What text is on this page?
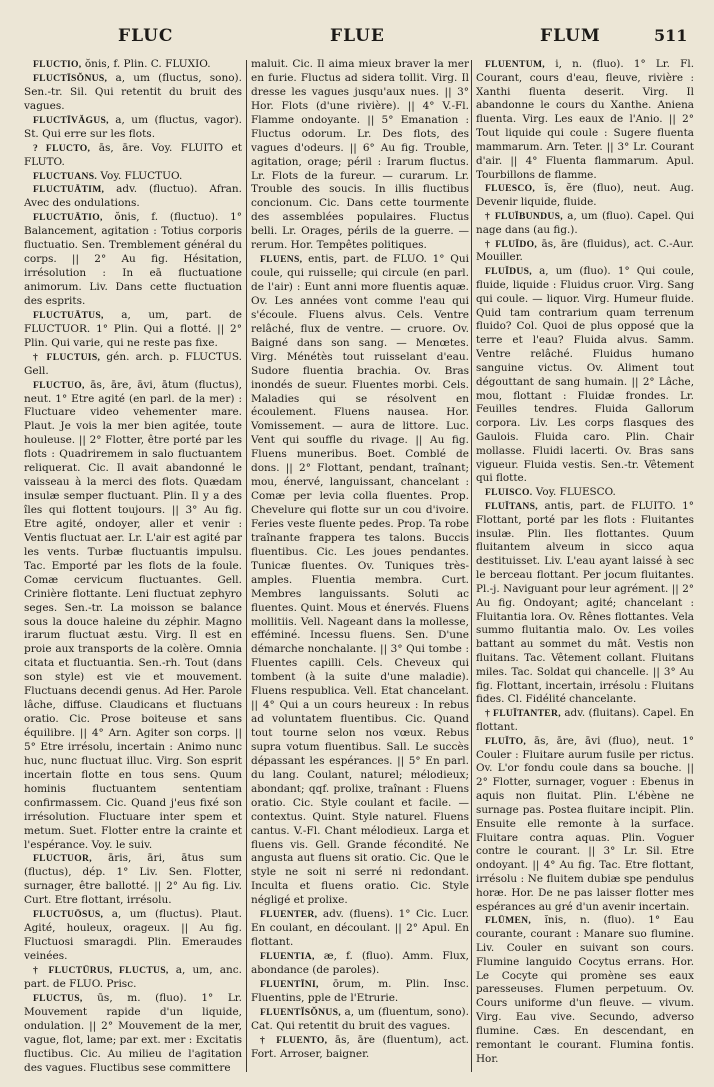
FLUC	FLUE	FLUM	511

FLUCTIO, ŏnis, f. Plin. C. FLUXIO.

FLUCTĪSŎNUS, a, um (fluctus, sono). Sen.-tr. Sil. Qui retentit du bruit des vagues.

FLUCTĪVĂGUS, a, um (fluctus, vagor). St. Qui erre sur les flots.

? FLUCTO, ās, āre. Voy. FLUITO et FLUTO.

FLUCTUANS. Voy. FLUCTUO.

FLUCTUĀTIM, adv. (fluctuo). Afran. Avec des ondulations.

FLUCTUĀTIO, ŏnis, f. (fluctuo). 1° Balancement, agitation : Totius corporis fluctuatio. Sen. Tremblement général du corps. || 2° Au fig. Hésitation, irrésolution : In eā fluctuatione animorum. Liv. Dans cette fluctuation des esprits.

FLUCTUĀTUS, a, um, part. de FLUCTUOR. 1° Plin. Qui a flotté. || 2° Plin. Qui varie, qui ne reste pas fixe.

† FLUCTUIS, gén. arch. p. FLUCTUS. Gell.

FLUCTUO, ās, āre, āvi, ātum (fluctus), neut. 1° Etre agité (en parl. de la mer) : Fluctuare video vehementer mare. Plaut. Je vois la mer bien agitée, toute houleuse. || 2° Flotter, être porté par les flots : Quadriremem in salo fluctuantem reliquerat. Cic. Il avait abandonné le vaisseau à la merci des flots. Quædam insulæ semper fluctuant. Plin. Il y a des îles qui flottent toujours. || 3° Au fig. Etre agité, ondoyer, aller et venir : Ventis fluctuat aer. Lr. L'air est agité par les vents. Turbæ fluctuantis impulsu. Tac. Emporté par les flots de la foule. Comæ cervicum fluctuantes. Gell. Crinière flottante. Leni fluctuat zephyro seges. Sen.-tr. La moisson se balance sous la douce haleine du zéphir. Magno irarum fluctuat æstu. Virg. Il est en proie aux transports de la colère. Omnia citata et fluctuantia. Sen.-rh. Tout (dans son style) est vie et mouvement. Fluctuans decendi genus. Ad Her. Parole lâche, diffuse. Claudicans et fluctuans oratio. Cic. Prose boiteuse et sans équilibre. || 4° Arn. Agiter son corps. || 5° Etre irrésolu, incertain : Animo nunc huc, nunc fluctuat illuc. Virg. Son esprit incertain flotte en tous sens. Quum hominis fluctuantem sententiam confirmassem. Cic. Quand j'eus fixé son irrésolution. Fluctuare inter spem et metum. Suet. Flotter entre la crainte et l'espérance. Voy. le suiv.

FLUCTUOR, āris, āri, ātus sum (fluctus), dép. 1° Liv. Sen. Flotter, surnager, être ballotté. || 2° Au fig. Liv. Curt. Etre flottant, irrésolu.

FLUCTUŌSUS, a, um (fluctus). Plaut. Agité, houleux, orageux. || Au fig. Fluctuosi smaragdi. Plin. Emeraudes veinées.

† FLUCTŪRUS, FLUCTUS, a, um, anc. part. de FLUO. Prisc.

FLUCTUS, ūs, m. (fluo). 1° Lr. Mouvement rapide d'un liquide, ondulation. || 2° Mouvement de la mer, vague, flot, lame; par ext. mer : Excitatis fluctibus. Cic. Au milieu de l'agitation des vagues. Fluctibus sese committere

maluit. Cic. Il aima mieux braver la mer en furie. Fluctus ad sidera tollit. Virg. Il dresse les vagues jusqu'aux nues. || 3° Hor. Flots (d'une rivière). || 4° V.-Fl. Flamme ondoyante. || 5° Emanation : Fluctus odorum. Lr. Des flots, des vagues d'odeurs. || 6° Au fig. Trouble, agitation, orage; péril : Irarum fluctus. Lr. Flots de la fureur. — curarum. Lr. Trouble des soucis. In illis fluctibus concionum. Cic. Dans cette tourmente des assemblées populaires. Fluctus belli. Lr. Orages, périls de la guerre. — rerum. Hor. Tempêtes politiques.

FLUENS, entis, part. de FLUO. 1° Qui coule, qui ruisselle; qui circule (en parl. de l'air) : Eunt anni more fluentis aquæ. Ov. Les années vont comme l'eau qui s'écoule. Fluens alvus. Cels. Ventre relâché, flux de ventre. — cruore. Ov. Baigné dans son sang. — Menœtes. Virg. Ménétès tout ruisselant d'eau. Sudore fluentia brachia. Ov. Bras inondés de sueur. Fluentes morbi. Cels. Maladies qui se résolvent en écoulement. Fluens nausea. Hor. Vomissement. — aura de littore. Luc. Vent qui souffle du rivage. || Au fig. Fluens muneribus. Boet. Comblé de dons. || 2° Flottant, pendant, traînant; mou, énervé, languissant, chancelant : Comæ per levia colla fluentes. Prop. Chevelure qui flotte sur un cou d'ivoire. Feries veste fluente pedes. Prop. Ta robe traînante frappera tes talons. Buccis fluentibus. Cic. Les joues pendantes. Tunicæ fluentes. Ov. Tuniques très-amples. Fluentia membra. Curt. Membres languissants. Soluti ac fluentes. Quint. Mous et énervés. Fluens mollitiis. Vell. Nageant dans la mollesse, efféminé. Incessu fluens. Sen. D'une démarche nonchalante. || 3° Qui tombe : Fluentes capilli. Cels. Cheveux qui tombent (à la suite d'une maladie). Fluens respublica. Vell. Etat chancelant. || 4° Qui a un cours heureux : In rebus ad voluntatem fluentibus. Cic. Quand tout tourne selon nos vœux. Rebus supra votum fluentibus. Sall. Le succès dépassant les espérances. || 5° En parl. du lang. Coulant, naturel; mélodieux; abondant; qqf. prolixe, traînant : Fluens oratio. Cic. Style coulant et facile. — contextus. Quint. Style naturel. Fluens cantus. V.-Fl. Chant mélodieux. Larga et fluens vis. Gell. Grande fécondité. Ne angusta aut fluens sit oratio. Cic. Que le style ne soit ni serré ni redondant. Inculta et fluens oratio. Cic. Style négligé et prolixe.

FLUENTER, adv. (fluens). 1° Cic. Lucr. En coulant, en découlant. || 2° Apul. En flottant.

FLUENTIA, æ, f. (fluo). Amm. Flux, abondance (de paroles).

FLUENTĪNI, ōrum, m. Plin. Insc. Fluentins, pple de l'Etrurie.

FLUENTĬSŎNUS, a, um (fluentum, sono). Cat. Qui retentit du bruit des vagues.

† FLUENTO, ās, āre (fluentum), act. Fort. Arroser, baigner.

FLUENTUM, i, n. (fluo). 1° Lr. Fl. Courant, cours d'eau, fleuve, rivière : Xanthi fluenta deserit. Virg. Il abandonne le cours du Xanthe. Aniena fluenta. Virg. Les eaux de l'Anio. || 2° Tout liquide qui coule : Sugere fluenta mammarum. Arn. Teter. || 3° Lr. Courant d'air. || 4° Fluenta flammarum. Apul. Tourbillons de flamme.

FLUESCO, ĭs, ĕre (fluo), neut. Aug. Devenir liquide, fluide.

† FLUĬBUNDUS, a, um (fluo). Capel. Qui nage dans (au fig.).

† FLUĬDO, ās, āre (fluidus), act. C.-Aur. Mouiller.

FLUĬDUS, a, um (fluo). 1° Qui coule, fluide, liquide : Fluidus cruor. Virg. Sang qui coule. — liquor. Virg. Humeur fluide. Quid tam contrarium quam terrenum fluido? Col. Quoi de plus opposé que la terre et l'eau? Fluida alvus. Samm. Ventre relâché. Fluidus humano sanguine victus. Ov. Aliment tout dégouttant de sang humain. || 2° Lâche, mou, flottant : Fluidæ frondes. Lr. Feuilles tendres. Fluida Gallorum corpora. Liv. Les corps flasques des Gaulois. Fluida caro. Plin. Chair mollasse. Fluidi lacerti. Ov. Bras sans vigueur. Fluida vestis. Sen.-tr. Vêtement qui flotte.

FLUISCO. Voy. FLUESCO.

FLUĬTANS, antis, part. de FLUITO. 1° Flottant, porté par les flots : Fluitantes insulæ. Plin. Iles flottantes. Quum fluitantem alveum in sicco aqua destituisset. Liv. L'eau ayant laissé à sec le berceau flottant. Per jocum fluitantes. Pl.-j. Naviguant pour leur agrément. || 2° Au fig. Ondoyant; agité; chancelant : Fluitantia lora. Ov. Rênes flottantes. Vela summo fluitantia malo. Ov. Les voiles battant au sommet du mât. Vestis non fluitans. Tac. Vêtement collant. Fluitans miles. Tac. Soldat qui chancelle. || 3° Au fig. Flottant, incertain, irrésolu : Fluitans fides. Cl. Fidélité chancelante.

† FLUĬTANTER, adv. (fluitans). Capel. En flottant.

FLUĬTO, ās, āre, āvi (fluo), neut. 1° Couler : Fluitare aurum fusile per rictus. Ov. L'or fondu coule dans sa bouche. || 2° Flotter, surnager, voguer : Ebenus in aquis non fluitat. Plin. L'ébène ne surnage pas. Postea fluitare incipit. Plin. Ensuite elle remonte à la surface. Fluitare contra aquas. Plin. Voguer contre le courant. || 3° Lr. Sil. Etre ondoyant. || 4° Au fig. Tac. Etre flottant, irrésolu : Ne fluitem dubiæ spe pendulus horæ. Hor. De ne pas laisser flotter mes espérances au gré d'un avenir incertain.

FLŪMEN, ĭnis, n. (fluo). 1° Eau courante, courant : Manare suo flumine. Liv. Couler en suivant son cours. Flumine languido Cocytus errans. Hor. Le Cocyte qui promène ses eaux paresseuses. Flumen perpetuum. Ov. Cours uniforme d'un fleuve. — vivum. Virg. Eau vive. Secundo, adverso flumine. Cæs. En descendant, en remontant le courant. Flumina fontis. Hor.
